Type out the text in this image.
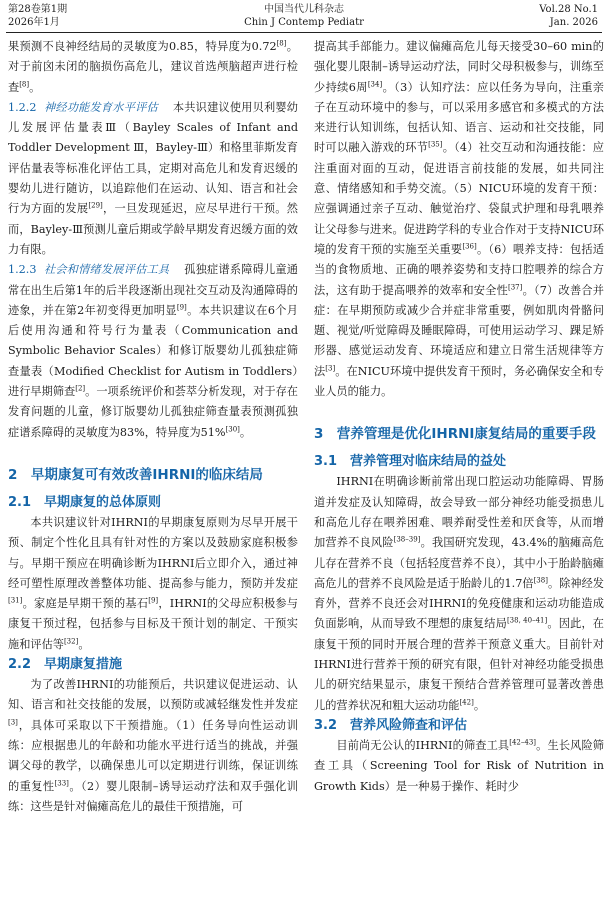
第28卷第1期
2026年1月
中国当代儿科杂志
Chin J Contemp Pediatr
Vol.28 No.1
Jan. 2026

果预测不良神经结局的灵敏度为0.85，特异度为0.72[8]。对于前囟未闭的脑损伤高危儿，建议首选颅脑超声进行检查[8]。

1.2.2 神经功能发育水平评估 本共识建议使用贝利婴幼儿发展评估量表Ⅲ（Bayley Scales of Infant and Toddler Development Ⅲ，Bayley-Ⅲ）和格里菲斯发育评估量表等标准化评估工具，定期对高危儿和发育迟缓的婴幼儿进行随访，以追踪他们在运动、认知、语言和社会行为方面的发展[29]，一旦发现延迟，应尽早进行干预。然而，Bayley-Ⅲ预测儿童后期或学龄早期发育迟缓方面的效力有限。

1.2.3 社会和情绪发展评估工具 孤独症谱系障碍儿童通常在出生后第1年的后半段逐渐出现社交互动及沟通障碍的迹象，并在第2年初变得更加明显[9]。本共识建议在6个月后使用沟通和符号行为量表（Communication and Symbolic Behavior Scales）和修订版婴幼儿孤独症筛查量表（Modified Checklist for Autism in Toddlers）进行早期筛查[2]。一项系统评价和荟萃分析发现，对于存在发育问题的儿童，修订版婴幼儿孤独症筛查量表预测孤独症谱系障碍的灵敏度为83%，特异度为51%[30]。

2　早期康复可有效改善IHRNI的临床结局
2.1　早期康复的总体原则

本共识建议针对IHRNI的早期康复原则为尽早开展干预、制定个性化且具有针对性的方案以及鼓励家庭积极参与。早期干预应在明确诊断为IHRNI后立即介入，通过神经可塑性原理改善整体功能、提高参与能力，预防并发症[31]。家庭是早期干预的基石[9]，IHRNI的父母应积极参与康复干预过程，包括参与目标及干预计划的制定、干预实施和评估等[32]。

2.2　早期康复措施

为了改善IHRNI的功能预后，共识建议促进运动、认知、语言和社交技能的发展，以预防或减轻继发性并发症[3]，具体可采取以下干预措施。（1）任务导向性运动训练：应根据患儿的年龄和功能水平进行适当的挑战，并强调父母的教学，以确保患儿可以定期进行训练，保证训练的重复性[33]。（2）婴儿限制–诱导运动疗法和双手强化训练：这些是针对偏瘫高危儿的最佳干预措施，可

提高其手部能力。建议偏瘫高危儿每天接受30–60 min的强化婴儿限制–诱导运动疗法，同时父母积极参与，训练至少持续6周[34]。（3）认知疗法：应以任务为导向，注重亲子在互动环境中的参与，可以采用多感官和多模式的方法来进行认知训练，包括认知、语言、运动和社交技能，同时可以融入游戏的环节[35]。（4）社交互动和沟通技能：应注重面对面的互动，促进语言前技能的发展，如共同注意、情绪感知和手势交流。（5）NICU环境的发育干预：应强调通过亲子互动、触觉治疗、袋鼠式护理和母乳喂养让父母参与进来。促进跨学科的专业合作对于支持NICU环境的发育干预的实施至关重要[36]。（6）喂养支持：包括适当的食物质地、正确的喂养姿势和支持口腔喂养的综合方法，这有助于提高喂养的效率和安全性[37]。（7）改善合并症：在早期预防或减少合并症非常重要，例如肌肉骨骼问题、视觉/听觉障碍及睡眠障碍，可使用运动学习、踝足矫形器、感觉运动发育、环境适应和建立日常生活规律等方法[3]。在NICU环境中提供发育干预时，务必确保安全和专业人员的能力。

3　营养管理是优化IHRNI康复结局的重要手段
3.1　营养管理对临床结局的益处

IHRNI在明确诊断前常出现口腔运动功能障碍、胃肠道并发症及认知障碍，故会导致一部分神经功能受损患儿和高危儿存在喂养困难、喂养耐受性差和厌食等，从而增加营养不良风险[38–39]。我国研究发现，43.4%的脑瘫高危儿存在营养不良（包括轻度营养不良），其中小于胎龄脑瘫高危儿的营养不良风险是适于胎龄儿的1.7倍[38]。除神经发育外，营养不良还会对IHRNI的免疫健康和运动功能造成负面影响，从而导致不理想的康复结局[38, 40–41]。因此，在康复干预的同时开展合理的营养干预意义重大。目前针对IHRNI进行营养干预的研究有限，但针对神经功能受损患儿的研究结果显示，康复干预结合营养管理可显著改善患儿的营养状况和粗大运动功能[42]。

3.2　营养风险筛查和评估

目前尚无公认的IHRNI的筛查工具[42–43]。生长风险筛查工具（Screening Tool for Risk of Nutrition in Growth Kids）是一种易于操作、耗时少
